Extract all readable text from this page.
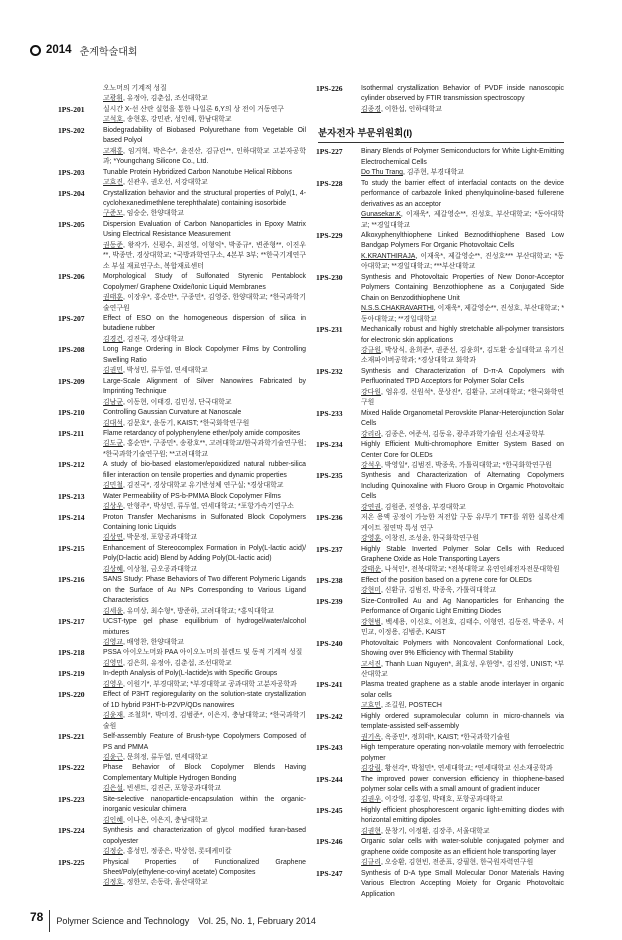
2014 춘계학술대회
오노머의 기계적 성질
고광휘, 유정아, 김춘섭, 조선대학교
1PS-201	실시간 X-선 산란 실험을 통한 나일론 6,Y의 상 전이 거동연구
고석호, 송현훈, 강민관, 성인혜, 한남대학교
1PS-202	Biodegradability of Biobased Polyurethane from Vegetable Oil based Polyol
고재홍, 임거혁, 박은수*, 윤진산, 김규린**, 인하대학교 고분자공학과; *Youngchang Silicone Co., Ltd.
1PS-203	Tunable Protein Hybridized Carbon Nanotube Helical Ribbons
고효진, 신관우, 권오선, 서강대학교
1PS-204	Crystallization behavior and the structural properties of Poly(1, 4-cyclohexanedimethlene terephthalate) containing isosorbide
구준모, 임승순, 한양대학교
1PS-205	Dispersion Evaluation of Carbon Nanoparticles in Epoxy Matrix Using Electrical Resistance Measurement
권동준, 왕작가, 신평수, 최진영, 이형익*, 박종규*, 변준형**, 이진우**, 박종만, 경상대학교; *국방과학연구소, 4본부 3부; **한국기계연구소 부설 재료연구소, 복합재료센터
1PS-206	Morphological Study of Sulfonated Styrenic Pentablock Copolymer/ Graphene Oxide/Ionic Liquid Membranes
권태훈, 이장우*, 홍순만*, 구종민*, 김영중, 한양대학교; *한국과학기술연구원
1PS-207	Effect of ESO on the homogeneous dispersion of silica in butadiene rubber
김경건, 김진국, 경상대학교
1PS-208	Long Range Ordering in Block Copolymer Films by Controlling Swelling Ratio
김권민, 박성민, 류두열, 연세대학교
1PS-209	Large-Scale Alignment of Silver Nanowires Fabricated by Imprinting Technique
김남균, 이동현, 이태경, 김민성, 단국대학교
1PS-210	Controlling Gaussian Curvature at Nanoscale
김대석, 김문호*, 윤동기, KAIST; *한국화학연구원
1PS-211	Flame retardancy of polyphenylene ether/poly amide composites
김도균, 홍순만*, 구종민*, 송광호**, 고려대학교/한국과학기술연구원; *한국과학기술연구원; **고려대학교
1PS-212	A study of bio-based elastomer/epoxidized natural rubber-silica filler interaction on tensile properties and dynamic properties
김민철, 김진국*, 경상대학교 유기반성체 연구실; *경상대학교
1PS-213	Water Permeability of PS-b-PMMA Block Copolymer Films
김상우, 안형주*, 박성민, 류두열, 연세대학교; *포항가속기연구소
1PS-214	Proton Transfer Mechanisms in Sulfonated Block Copolymers Containing Ionic Liquids
김상연, 박문정, 포항공과대학교
1PS-215	Enhancement of Stereocomplex Formation in Poly(L-lactic acid)/ Poly(D-lactic acid) Blend by Adding Poly(DL-lactic acid)
김상혜, 이상철, 금오공과대학교
1PS-216	SANS Study: Phase Behaviors of Two different Polymeric Ligands on the Surface of Au NPs Corresponding to Various Ligand Characteristics
김세윤, 유미상, 최수형*, 방준하, 고려대학교; *홍익대학교
1PS-217	UCST-type gel phase equilibrium of hydrogel/water/alcohol mixtures
김영교, 배영찬, 한양대학교
1PS-218	PSSA 아이오노머와 PAA 아이오노머의 블렌드 및 동적 기계적 성질
김영민, 김은희, 유정아, 김춘섭, 조선대학교
1PS-219	In-depth Analysis of Poly(L-lactide)s with Specific Groups
김영우, 이원기*, 부경대학교; *부경대학교 공과대학 고분자공학과
1PS-220	Effect of P3HT regioregularity on the solution-state crystallization of 1D hybrid P3HT-b-P2VP/QDs nanowires
김윤재, 조철희*, 박미경, 김범준*, 이은지, 충남대학교; *한국과학기술원
1PS-221	Self-assembly Feature of Brush-type Copolymers Composed of PS and PMMA
김윤근, 문희정, 류두열, 연세대학교
1PS-222	Phase Behavior of Block Copolymer Blends Having Complementary Multiple Hydrogen Bonding
김은설, 빈센트, 김진곤, 포항공과대학교
1PS-223	Site-selective nanoparticle-encapsulation within the organic-inorganic vesicular chimera
김인혜, 이나은, 이은지, 충남대학교
1PS-224	Synthesis and characterization of glycol modified furan-based copolyester
김정순, 홍성민, 정종은, 박상현, 롯데케미칼
1PS-225	Physical Properties of Functionalized Graphene Sheet/Poly(ethylene-co-vinyl acetate) Composites
김정호, 정한모, 손동락, 울산대학교
1PS-226	Isothermal crystallization Behavior of PVDF inside nanoscopic cylinder observed by FTIR transmission spectroscopy
김종경, 이한섭, 인하대학교
분자전자 부문위원회(I)
1PS-227	Binary Blends of Polymer Semiconductors for White Light-Emitting Electrochemical Cells
Do Thu Trang, 김주현, 부경대학교
1PS-228	To study the barrier effect of interfacial contacts on the device performance of carbazole linked phenylquinoline-based fullerene derivatives as an acceptor
Gunasekar.K, 이재욱*, 제갈영순**, 진성호, 부산대학교; *동아대학교; **경일대학교
1PS-229	Alkoxyphenylthiophene Linked Beznodithiophene Based Low Bandgap Polymers For Organic Photovoltaic Cells
K.KRANTHIRAJA, 이재욱*, 제갈영순**, 진성호*** 부산대학교; *동아대학교; **경일대학교; ***부산대학교
1PS-230	Synthesis and Photovoltaic Properties of New Donor-Acceptor Polymers Containing Benzothiophene as a Conjugated Side Chain on Benzodithiophene Unit
N.S.S.CHAKRAVARTHI, 이재욱*, 제갈영순**, 진성호, 부산대학교; *동아대학교; **경일대학교
1PS-231	Mechanically robust and highly stretchable all-polymer transistors for electronic skin applications
강규원, 박상식, 윤희준*, 권준선, 김윤희*, 김도환 숭실대학교 유기신소재파이버공학과; *경상대학교 화학과
1PS-232	Synthesis and Characterization of D-π-A Copolymers with Perfluorinated TPD Acceptors for Polymer Solar Cells
강다원, 엄유경, 신원석*, 문상진*, 김환규, 고려대학교; *한국화학연구원
1PS-233	Mixed Halide Organometal Perovskite Planar-Heterojunction Solar Cells
강리라, 김종은, 여준석, 김동유, 광주과학기술원 신소재공학부
1PS-234	Highly Efficient Multi-chromophore Emitter System Based on Center Core for OLEDs
강석우, 박영일*, 김범진, 박종욱, 가톨릭대학교; *한국화학연구원
1PS-235	Synthesis and Characterization of Alternating Copolymers Including Quinoxaline with Fluoro Group in Orgamic Photovoltaic Cells
강연권, 김원준, 진영읍, 부경대학교
1PS-236	저온 용액 공정이 가능한 저전압 구동 유/무기 TFT를 위한 실록산계 게이트 절연막 특성 연구
강영훈, 이창진, 조성윤, 한국화학연구원
1PS-237	Highly Stable Inverted Polymer Solar Cells with Reduced Graphene Oxide as Hole Transporting Layers
강태운, 나석인*, 전북대학교; *전북대학교 유연인쇄전자전문대학원
1PS-238	Effect of the position based on a pyrene core for OLEDs
강현미, 신환규, 김범진, 박종욱, 가톨릭대학교
1PS-239	Size-Controlled Au and Ag Nanoparticles for Enhancing the Performance of Organic Light Emitting Diodes
강현범, 백세용, 이신호, 이천호, 김태수, 이형연, 김동진, 박준우, 서민교, 이정용, 김범준, KAIST
1PS-240	Photovoltaic Polymers with Noncovalent Conformational Lock, Showing over 9% Efficiency with Thermal Stability
고서진, Thanh Luan Nguyen*, 최효성, 우한영*, 김진영, UNIST; *부산대학교
1PS-241	Plasma treated graphene as a stable anode interlayer in organic solar cells
고효민, 조길원, POSTECH
1PS-242	Highly ordered supramolecular column in micro-channels via template-assisted self-assembly
권기옥, 옥종민*, 정희태*, KAIST; *한국과학기술원
1PS-243	High temperature operating non-volatile memory with ferroelectric polymer
김강림, 황선각*, 박철민*, 연세대학교; *연세대학교 신소재공학과
1PS-244	The improved power conversion efficiency in thiophene-based polymer solar cells with a small amount of gradient inducer
김권우, 이강영, 김홍일, 박태호, 포항공과대학교
1PS-245	Highly efficient phosphorescent organic light-emitting diodes with horizontal emitting dipoles
김권현, 문창기, 이정환, 김장주, 서울대학교
1PS-246	Organic solar cells with water-soluble conjugated polymer and graphene oxide composite as an efficient hole transporting layer
김규리, 오승환, 김현빈, 전준표, 강필현, 한국원자력연구원
1PS-247	Synthesis of D-A type Small Molecular Donor Materials Having Various Electron Accepting Moiety for Organic Photovoltaic Application
78	Polymer Science and Technology Vol. 25, No. 1, February 2014
